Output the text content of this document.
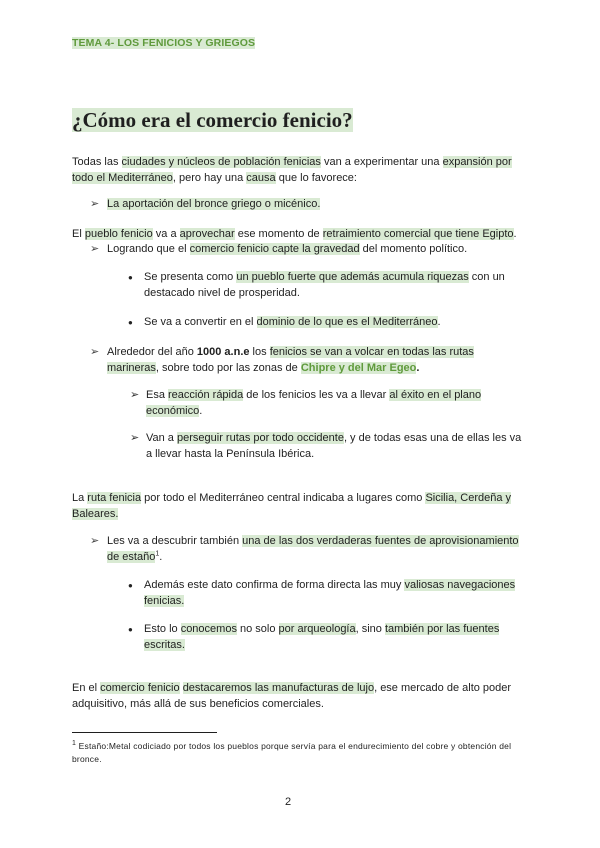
TEMA 4- LOS FENICIOS Y GRIEGOS
¿Cómo era el comercio fenicio?
Todas las ciudades y núcleos de población fenicias van a experimentar una expansión por
todo el Mediterráneo, pero hay una causa que lo favorece:
➢ La aportación del bronce griego o micénico.
El pueblo fenicio va a aprovechar ese momento de retraimiento comercial que tiene Egipto.
➢ Logrando que el comercio fenicio capte la gravedad del momento político.
● Se presenta como un pueblo fuerte que además acumula riquezas con un destacado nivel de prosperidad.
● Se va a convertir en el dominio de lo que es el Mediterráneo.
➢ Alrededor del año 1000 a.n.e los fenicios se van a volcar en todas las rutas
marineras, sobre todo por las zonas de Chipre y del Mar Egeo.
➢ Esa reacción rápida de los fenicios les va a llevar al éxito en el plano
económico.
➢ Van a perseguir rutas por todo occidente, y de todas esas una de ellas les va a llevar hasta la Península Ibérica.
La ruta fenicia por todo el Mediterráneo central indicaba a lugares como Sicilia, Cerdeña y
Baleares.
➢ Les va a descubrir también una de las dos verdaderas fuentes de aprovisionamiento
de estaño$^1$.
● Además este dato confirma de forma directa las muy valiosas navegaciones
fenicias.
● Esto lo conocemos no solo por arqueología, sino también por las fuentes
escritas.
En el comercio fenicio destacaremos las manufacturas de lujo, ese mercado de alto poder adquisitivo, más allá de sus beneficios comerciales.
$^1$ Estaño:Metal codiciado por todos los pueblos porque servía para el endurecimiento del cobre y obtención del bronce.
2
